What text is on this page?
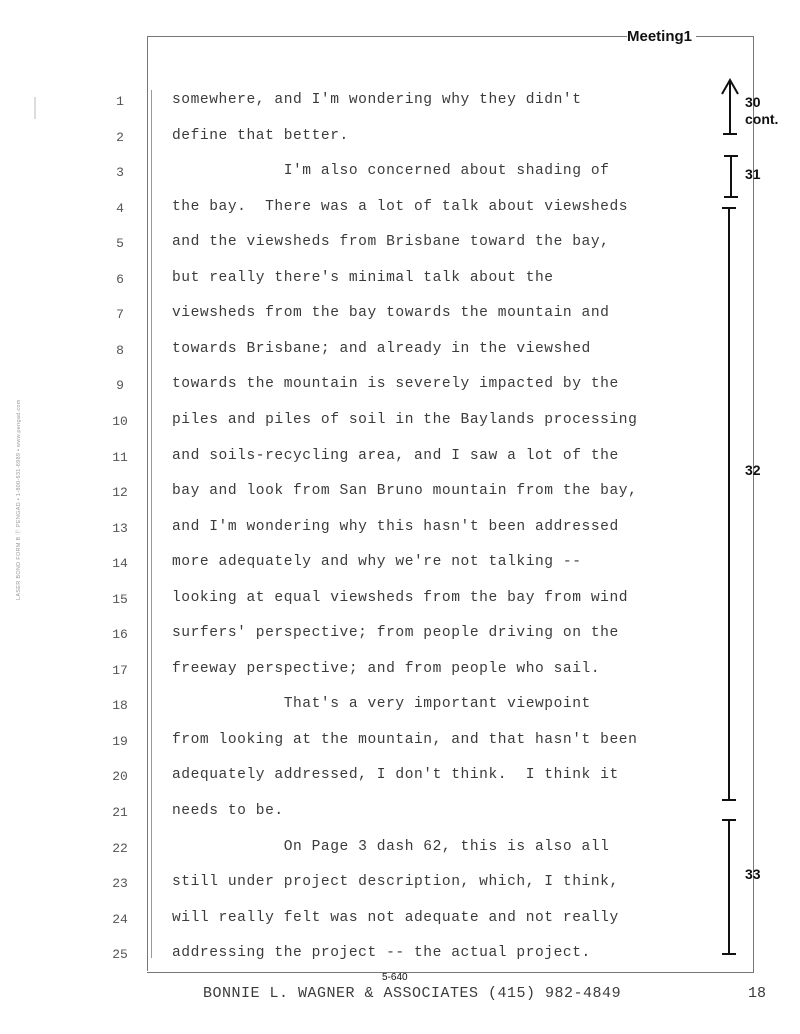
Meeting1
LASER BOND FORM B Ⓟ PENGAD • 1-800-631-6989 • www.pengad.com
1	somewhere, and I'm wondering why they didn't
2	define that better.
3	I'm also concerned about shading of
4	the bay.  There was a lot of talk about viewsheds
5	and the viewsheds from Brisbane toward the bay,
6	but really there's minimal talk about the
7	viewsheds from the bay towards the mountain and
8	towards Brisbane; and already in the viewshed
9	towards the mountain is severely impacted by the
10	piles and piles of soil in the Baylands processing
11	and soils-recycling area, and I saw a lot of the
12	bay and look from San Bruno mountain from the bay,
13	and I'm wondering why this hasn't been addressed
14	more adequately and why we're not talking --
15	looking at equal viewsheds from the bay from wind
16	surfers' perspective; from people driving on the
17	freeway perspective; and from people who sail.
18	That's a very important viewpoint
19	from looking at the mountain, and that hasn't been
20	adequately addressed, I don't think.  I think it
21	needs to be.
22	On Page 3 dash 62, this is also all
23	still under project description, which, I think,
24	will really felt was not adequate and not really
25	addressing the project -- the actual project.
30
cont.
31
32
33
5-640
BONNIE L. WAGNER & ASSOCIATES (415) 982-4849	18
